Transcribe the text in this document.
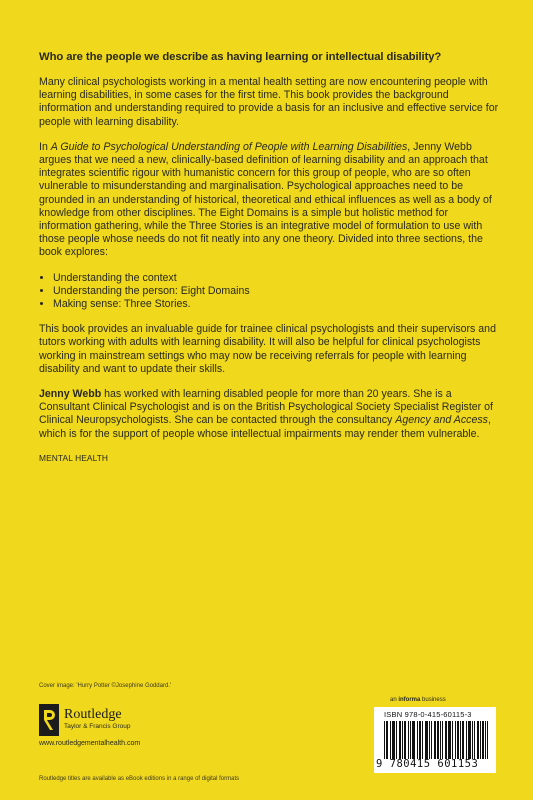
Who are the people we describe as having learning or intellectual disability?

Many clinical psychologists working in a mental health setting are now encountering people with learning disabilities, in some cases for the first time. This book provides the background information and understanding required to provide a basis for an inclusive and effective service for people with learning disability.

In A Guide to Psychological Understanding of People with Learning Disabilities, Jenny Webb argues that we need a new, clinically-based definition of learning disability and an approach that integrates scientific rigour with humanistic concern for this group of people, who are so often vulnerable to misunderstanding and marginalisation. Psychological approaches need to be grounded in an understanding of historical, theoretical and ethical influences as well as a body of knowledge from other disciplines. The Eight Domains is a simple but holistic method for information gathering, while the Three Stories is an integrative model of formulation to use with those people whose needs do not fit neatly into any one theory. Divided into three sections, the book explores:

• Understanding the context
• Understanding the person: Eight Domains
• Making sense: Three Stories.

This book provides an invaluable guide for trainee clinical psychologists and their supervisors and tutors working with adults with learning disability. It will also be helpful for clinical psychologists working in mainstream settings who may now be receiving referrals for people with learning disability and want to update their skills.

Jenny Webb has worked with learning disabled people for more than 20 years. She is a Consultant Clinical Psychologist and is on the British Psychological Society Specialist Register of Clinical Neuropsychologists. She can be contacted through the consultancy Agency and Access, which is for the support of people whose intellectual impairments may render them vulnerable.

MENTAL HEALTH
Cover image: 'Hurry Potter ©Josephine Goddard.'
Routledge
Taylor & Francis Group
www.routledgementalhealth.com
Routledge titles are available as eBook editions in a range of digital formats
an informa business
ISBN 978-0-415-60115-3
9 780415 601153
